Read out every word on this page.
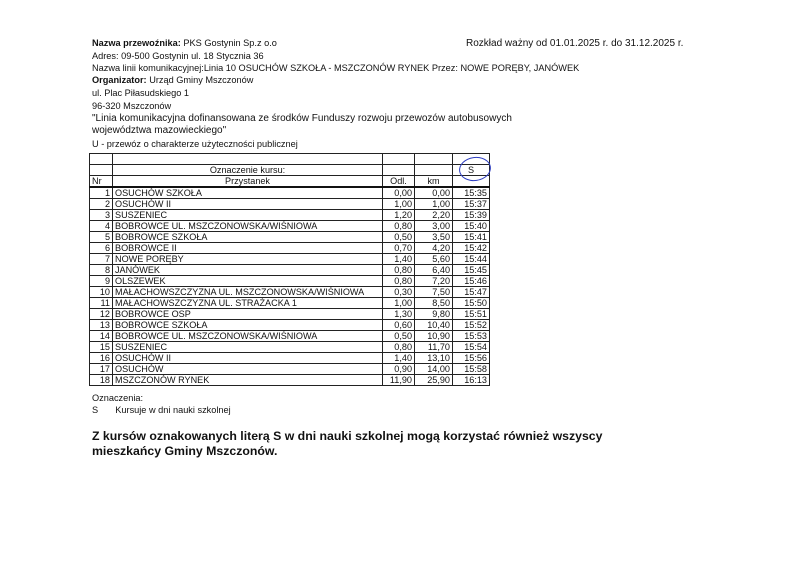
Nazwa przewoźnika: PKS Gostynin Sp.z o.o	Rozkład ważny od 01.01.2025 r. do 31.12.2025 r.
Adres: 09-500 Gostynin ul. 18 Stycznia 36
Nazwa linii komunikacyjnej:Linia 10 OSUCHÓW SZKOŁA - MSZCZONÓW RYNEK Przez: NOWE PORĘBY, JANÓWEK
Organizator: Urząd Gminy Mszczonów
ul. Plac Piłasudskiego 1
96-320 Mszczonów
"Linia komunikacyjna dofinansowana ze środków Funduszy rozwoju przewozów autobusowych
województwa mazowieckiego"
U - przewóz o charakterze użyteczności publicznej

	Oznaczenie kursu:			S
Nr	Przystanek	Odl.	km	
1	OSUCHÓW SZKOŁA	0,00	0,00	15:35
2	OSUCHÓW II	1,00	1,00	15:37
3	SUSZENIEC	1,20	2,20	15:39
4	BOBROWCE UL. MSZCZONOWSKA/WIŚNIOWA	0,80	3,00	15:40
5	BOBROWCE SZKOŁA	0,50	3,50	15:41
6	BOBROWCE II	0,70	4,20	15:42
7	NOWE PORĘBY	1,40	5,60	15:44
8	JANÓWEK	0,80	6,40	15:45
9	OLSZEWEK	0,80	7,20	15:46
10	MAŁACHOWSZCZYZNA UL. MSZCZONOWSKA/WIŚNIOWA	0,30	7,50	15:47
11	MAŁACHOWSZCZYZNA UL. STRAŻACKA 1	1,00	8,50	15:50
12	BOBROWCE OSP	1,30	9,80	15:51
13	BOBROWCE SZKOŁA	0,60	10,40	15:52
14	BOBROWCE UL. MSZCZONOWSKA/WIŚNIOWA	0,50	10,90	15:53
15	SUSZENIEC	0,80	11,70	15:54
16	OSUCHÓW II	1,40	13,10	15:56
17	OSUCHÓW	0,90	14,00	15:58
18	MSZCZONÓW RYNEK	11,90	25,90	16:13
Oznaczenia:
S Kursuje w dni nauki szkolnej
Z kursów oznakowanych literą S w dni nauki szkolnej mogą korzystać również wszyscy
mieszkańcy Gminy Mszczonów.
